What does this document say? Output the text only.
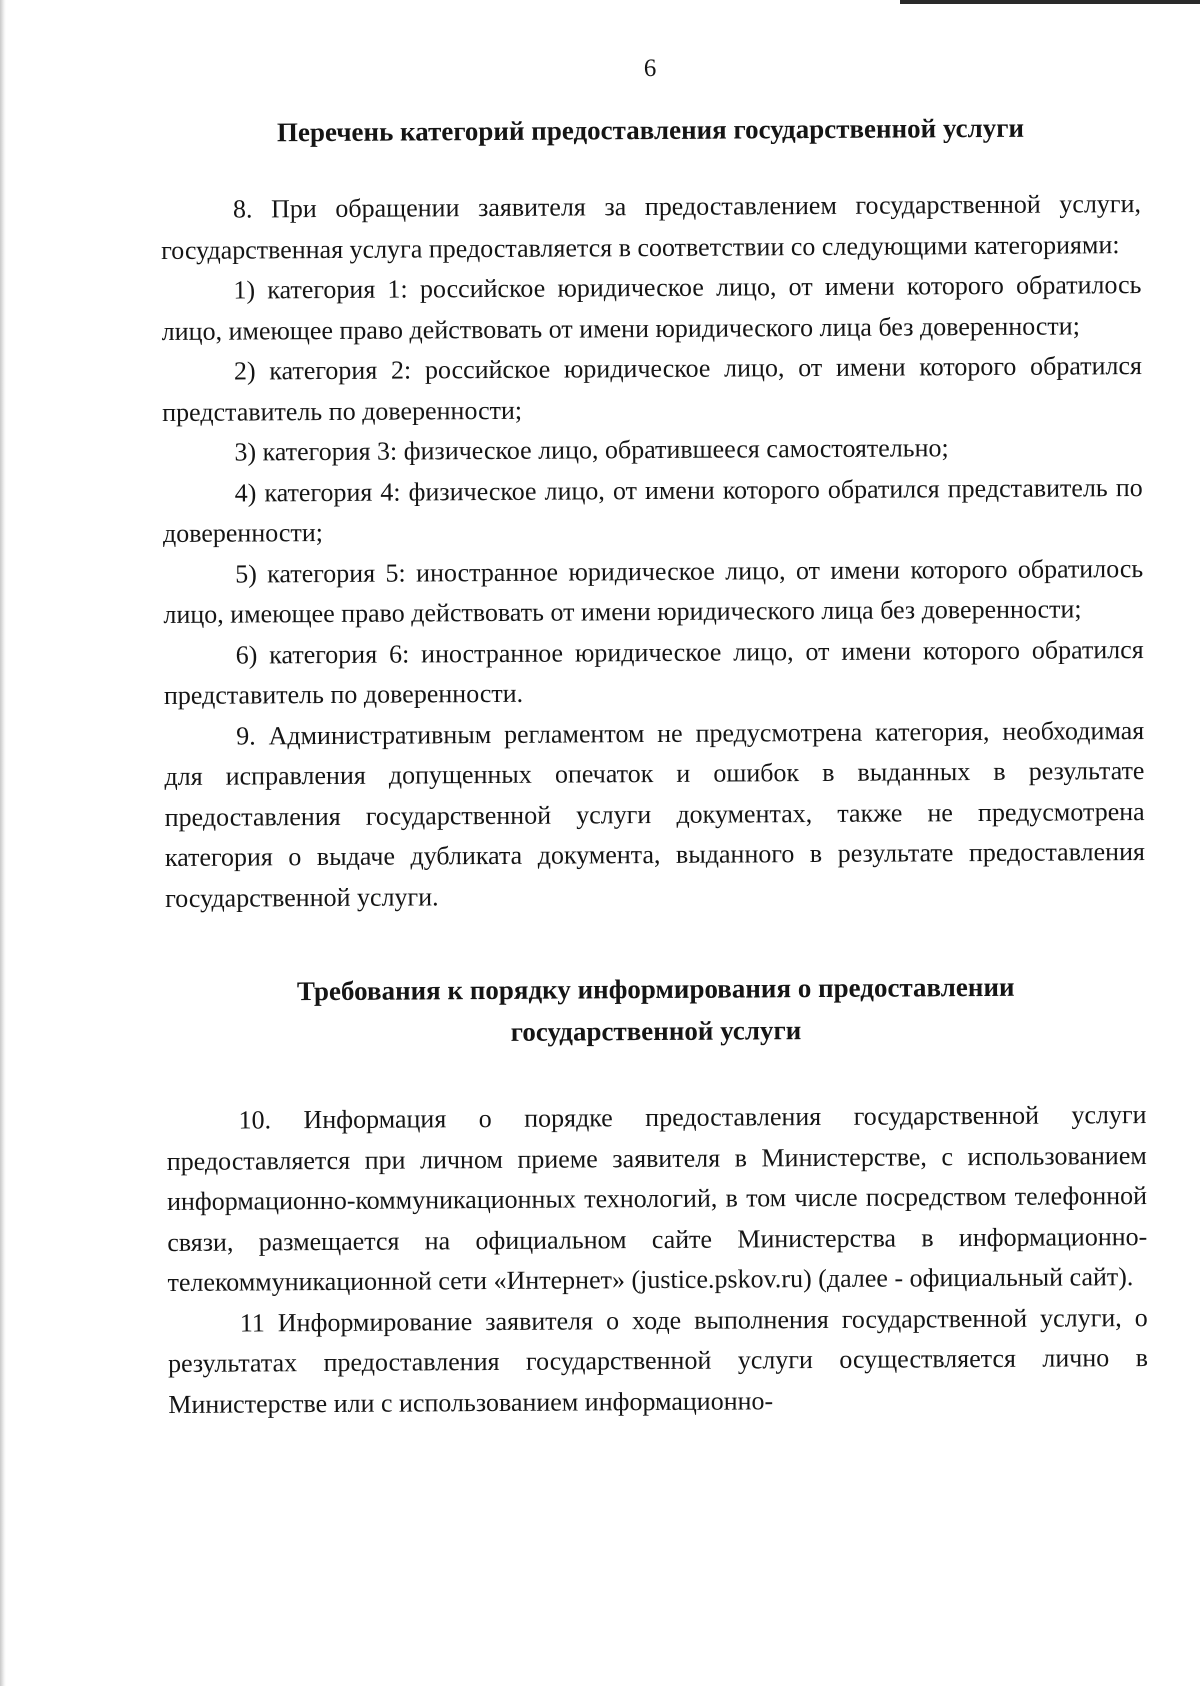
6
Перечень категорий предоставления государственной услуги

8. При обращении заявителя за предоставлением государственной услуги, государственная услуга предоставляется в соответствии со следующими категориями:

1) категория 1: российское юридическое лицо, от имени которого обратилось лицо, имеющее право действовать от имени юридического лица без доверенности;

2) категория 2: российское юридическое лицо, от имени которого обратился представитель по доверенности;

3) категория 3: физическое лицо, обратившееся самостоятельно;

4) категория 4: физическое лицо, от имени которого обратился представитель по доверенности;

5) категория 5: иностранное юридическое лицо, от имени которого обратилось лицо, имеющее право действовать от имени юридического лица без доверенности;

6) категория 6: иностранное юридическое лицо, от имени которого обратился представитель по доверенности.

9. Административным регламентом не предусмотрена категория, необходимая для исправления допущенных опечаток и ошибок в выданных в результате предоставления государственной услуги документах, также не предусмотрена категория о выдаче дубликата документа, выданного в результате предоставления государственной услуги.

Требования к порядку информирования о предоставлении
государственной услуги

10. Информация о порядке предоставления государственной услуги предоставляется при личном приеме заявителя в Министерстве, с использованием информационно-коммуникационных технологий, в том числе посредством телефонной связи, размещается на официальном сайте Министерства в информационно-телекоммуникационной сети «Интернет» (justice.pskov.ru) (далее - официальный сайт).

11 Информирование заявителя о ходе выполнения государственной услуги, о результатах предоставления государственной услуги осуществляется лично в Министерстве или с использованием информационно-
